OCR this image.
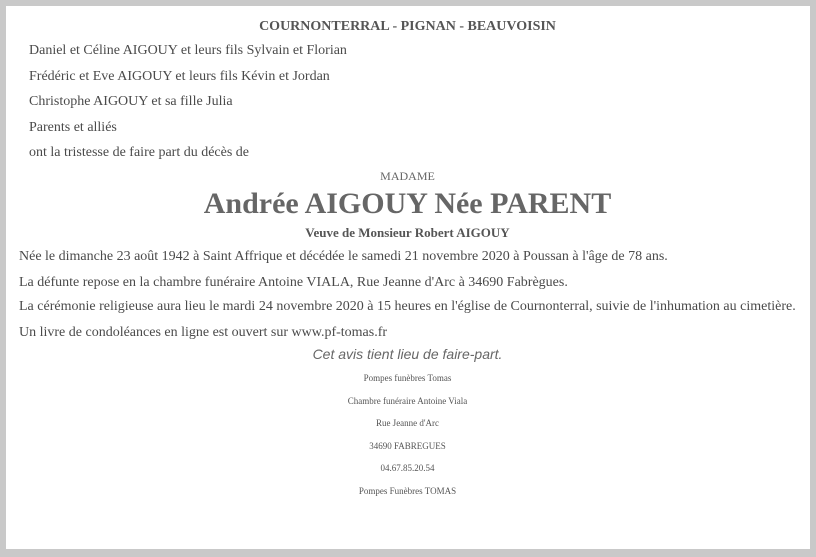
COURNONTERRAL - PIGNAN - BEAUVOISIN

Daniel et Céline AIGOUY et leurs fils Sylvain et Florian

Frédéric et Eve AIGOUY et leurs fils Kévin et Jordan

Christophe AIGOUY et sa fille Julia

Parents et alliés

ont la tristesse de faire part du décès de

MADAME

Andrée AIGOUY Née PARENT

Veuve de Monsieur Robert AIGOUY

Née le dimanche 23 août 1942 à Saint Affrique et décédée le samedi 21 novembre 2020 à Poussan à l'âge de 78 ans.

La défunte repose en la chambre funéraire Antoine VIALA, Rue Jeanne d'Arc à 34690 Fabrègues.

La cérémonie religieuse aura lieu le mardi 24 novembre 2020 à 15 heures en l'église de Cournonterral, suivie de l'inhumation au cimetière.

Un livre de condoléances en ligne est ouvert sur www.pf-tomas.fr

Cet avis tient lieu de faire-part.

Pompes funèbres Tomas

Chambre funéraire Antoine Viala

Rue Jeanne d'Arc

34690 FABREGUES

04.67.85.20.54

Pompes Funèbres TOMAS
